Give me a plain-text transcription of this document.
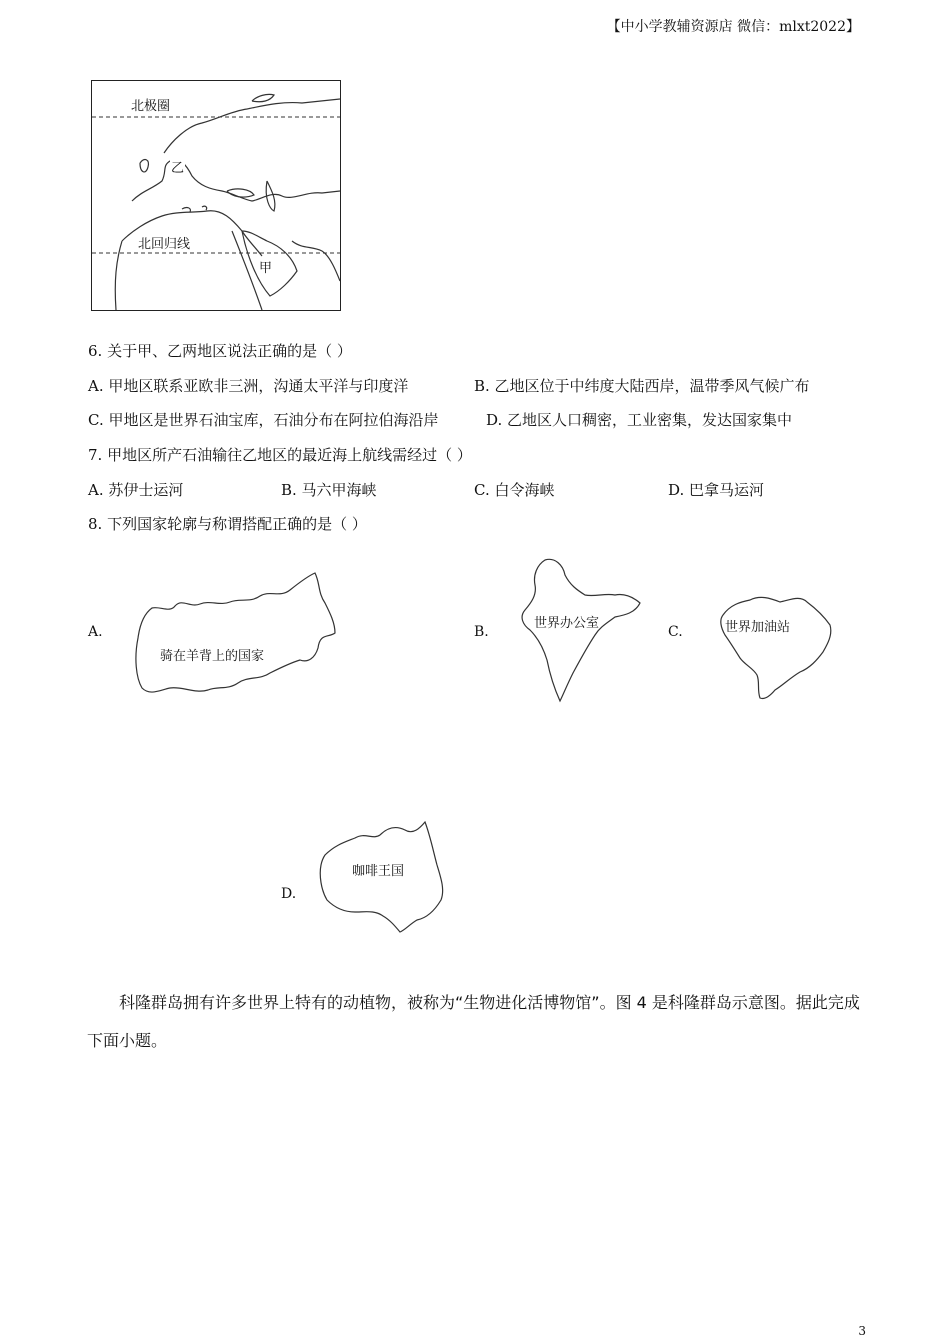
【中小学教辅资源店 微信：mlxt2022】
北极圈
北回归线
乙
甲
6. 关于甲、乙两地区说法正确的是（ ）
A. 甲地区联系亚欧非三洲，沟通太平洋与印度洋	B. 乙地区位于中纬度大陆西岸，温带季风气候广布
C. 甲地区是世界石油宝库，石油分布在阿拉伯海沿岸	D. 乙地区人口稠密，工业密集，发达国家集中
7. 甲地区所产石油输往乙地区的最近海上航线需经过（ ）
A. 苏伊士运河	B. 马六甲海峡	C. 白令海峡	D. 巴拿马运河
8. 下列国家轮廓与称谓搭配正确的是（ ）
A.
骑在羊背上的国家
B.
世界办公室
C.	世界加油站
D.
咖啡王国
科隆群岛拥有许多世界上特有的动植物，被称为“生物进化活博物馆”。图 4 是科隆群岛示意图。据此完成下面小题。
3
